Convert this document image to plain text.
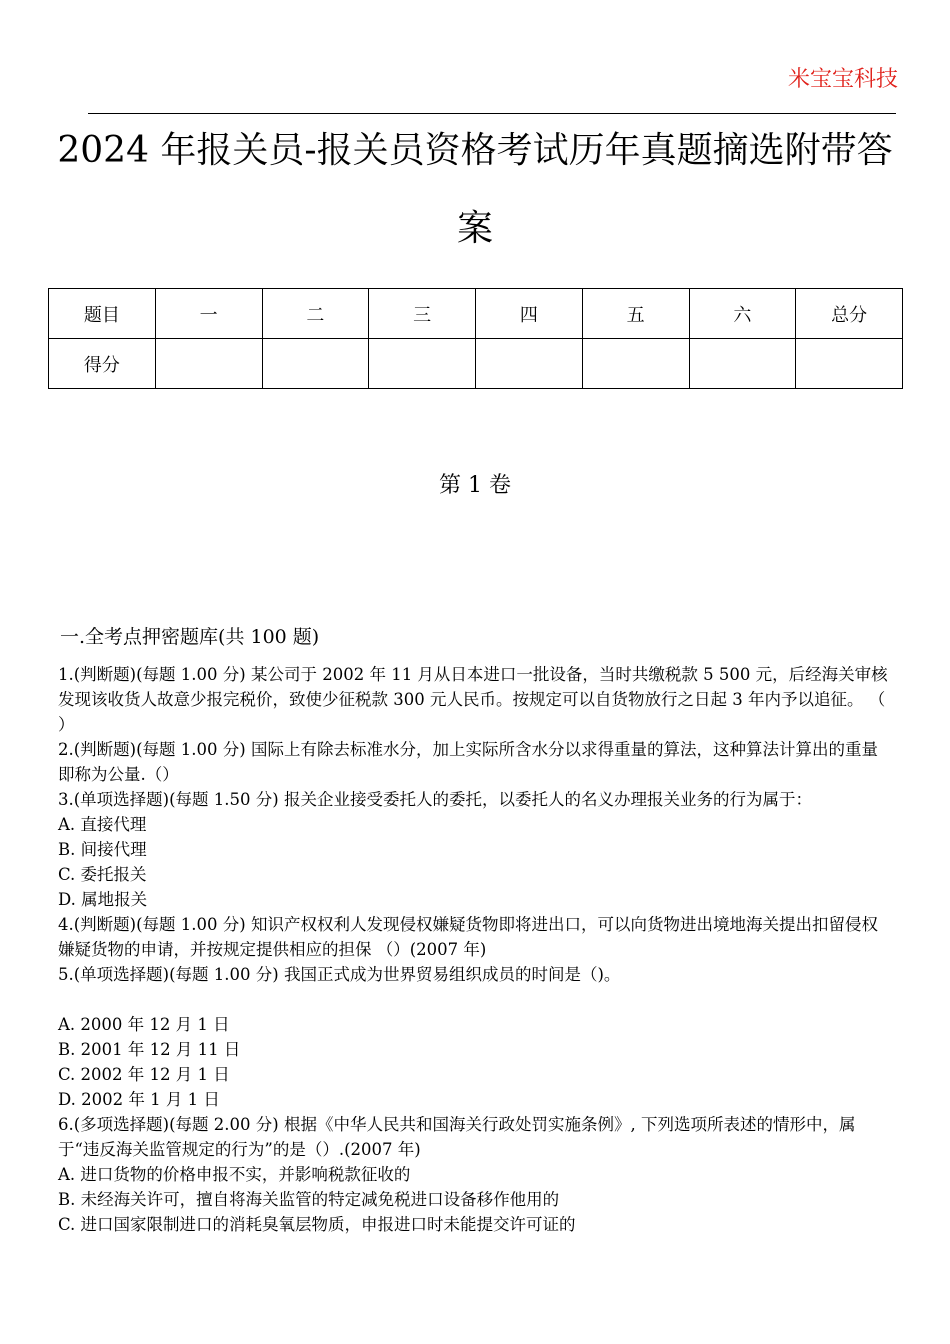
米宝宝科技
2024 年报关员-报关员资格考试历年真题摘选附带答案
题目	一	二	三	四	五	六	总分
得分							
第 1 卷
一.全考点押密题库(共 100 题)

1.(判断题)(每题 1.00 分) 某公司于 2002 年 11 月从日本进口一批设备，当时共缴税款 5 500 元，后经海关审核发现该收货人故意少报完税价，致使少征税款 300 元人民币。按规定可以自货物放行之日起 3 年内予以追征。 （ ）

2.(判断题)(每题 1.00 分) 国际上有除去标准水分，加上实际所含水分以求得重量的算法，这种算法计算出的重量即称为公量.（）

3.(单项选择题)(每题 1.50 分) 报关企业接受委托人的委托，以委托人的名义办理报关业务的行为属于：

A. 直接代理

B. 间接代理

C. 委托报关

D. 属地报关

4.(判断题)(每题 1.00 分) 知识产权权利人发现侵权嫌疑货物即将进出口，可以向货物进出境地海关提出扣留侵权嫌疑货物的申请，并按规定提供相应的担保 （）(2007 年)

5.(单项选择题)(每题 1.00 分) 我国正式成为世界贸易组织成员的时间是（)。

A. 2000 年 12 月 1 日

B. 2001 年 12 月 11 日

C. 2002 年 12 月 1 日

D. 2002 年 1 月 1 日

6.(多项选择题)(每题 2.00 分) 根据《中华人民共和国海关行政处罚实施条例》, 下列选项所表述的情形中，属于“违反海关监管规定的行为”的是（）.(2007 年)

A. 进口货物的价格申报不实，并影响税款征收的

B. 未经海关许可，擅自将海关监管的特定减免税进口设备移作他用的

C. 进口国家限制进口的消耗臭氧层物质，申报进口时未能提交许可证的
